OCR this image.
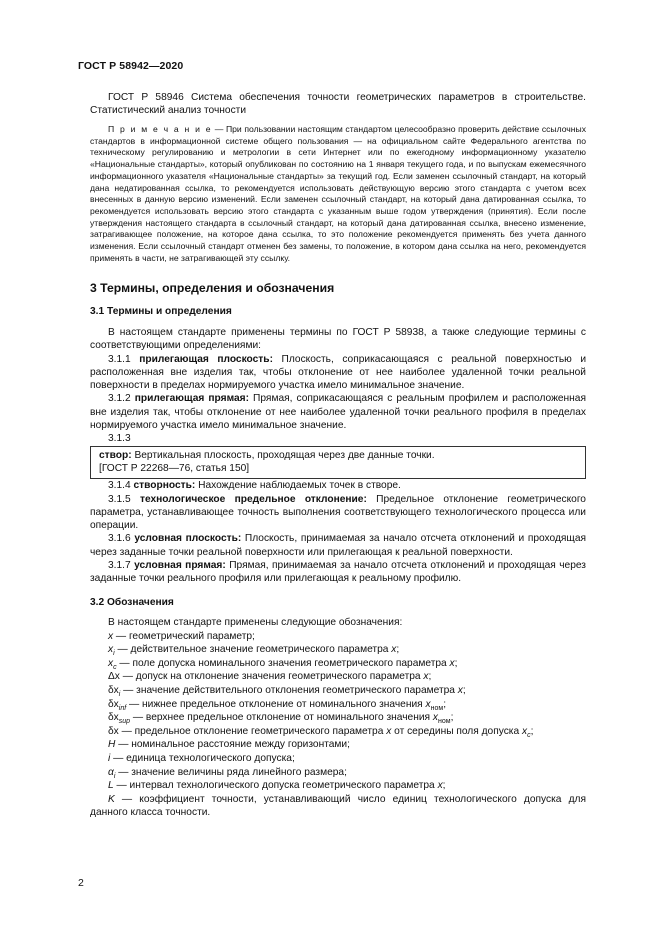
ГОСТ Р 58942—2020

ГОСТ Р 58946 Система обеспечения точности геометрических параметров в строительстве. Статистический анализ точности

П р и м е ч а н и е — При пользовании настоящим стандартом целесообразно проверить действие ссылочных стандартов в информационной системе общего пользования — на официальном сайте Федерального агентства по техническому регулированию и метрологии в сети Интернет или по ежегодному информационному указателю «Национальные стандарты», который опубликован по состоянию на 1 января текущего года, и по выпускам ежемесячного информационного указателя «Национальные стандарты» за текущий год. Если заменен ссылочный стандарт, на который дана недатированная ссылка, то рекомендуется использовать действующую версию этого стандарта с учетом всех внесенных в данную версию изменений. Если заменен ссылочный стандарт, на который дана датированная ссылка, то рекомендуется использовать версию этого стандарта с указанным выше годом утверждения (принятия). Если после утверждения настоящего стандарта в ссылочный стандарт, на который дана датированная ссылка, внесено изменение, затрагивающее положение, на которое дана ссылка, то это положение рекомендуется применять без учета данного изменения. Если ссылочный стандарт отменен без замены, то положение, в котором дана ссылка на него, рекомендуется применять в части, не затрагивающей эту ссылку.

3 Термины, определения и обозначения

3.1 Термины и определения

В настоящем стандарте применены термины по ГОСТ Р 58938, а также следующие термины с соответствующими определениями:

3.1.1 прилегающая плоскость: Плоскость, соприкасающаяся с реальной поверхностью и расположенная вне изделия так, чтобы отклонение от нее наиболее удаленной точки реальной поверхности в пределах нормируемого участка имело минимальное значение.

3.1.2 прилегающая прямая: Прямая, соприкасающаяся с реальным профилем и расположенная вне изделия так, чтобы отклонение от нее наиболее удаленной точки реального профиля в пределах нормируемого участка имело минимальное значение.

3.1.3

створ: Вертикальная плоскость, проходящая через две данные точки.
[ГОСТ Р 22268—76, статья 150]

3.1.4 створность: Нахождение наблюдаемых точек в створе.

3.1.5 технологическое предельное отклонение: Предельное отклонение геометрического параметра, устанавливающее точность выполнения соответствующего технологического процесса или операции.

3.1.6 условная плоскость: Плоскость, принимаемая за начало отсчета отклонений и проходящая через заданные точки реальной поверхности или прилегающая к реальной поверхности.

3.1.7 условная прямая: Прямая, принимаемая за начало отсчета отклонений и проходящая через заданные точки реального профиля или прилегающая к реальному профилю.

3.2 Обозначения

В настоящем стандарте применены следующие обозначения:

x — геометрический параметр;

$x_i$ — действительное значение геометрического параметра x;

$x_c$ — поле допуска номинального значения геометрического параметра x;

Δx — допуск на отклонение значения геометрического параметра x;

$\delta x_i$ — значение действительного отклонения геометрического параметра x;

$\delta x_{inf}$ — нижнее предельное отклонение от номинального значения $x_{ном}$;

$\delta x_{sup}$ — верхнее предельное отклонение от номинального значения $x_{ном}$;

δx — предельное отклонение геометрического параметра x от середины поля допуска $x_c$;

H — номинальное расстояние между горизонтами;

i — единица технологического допуска;

$\alpha_i$ — значение величины ряда линейного размера;

L — интервал технологического допуска геометрического параметра x;

K — коэффициент точности, устанавливающий число единиц технологического допуска для данного класса точности.

2
